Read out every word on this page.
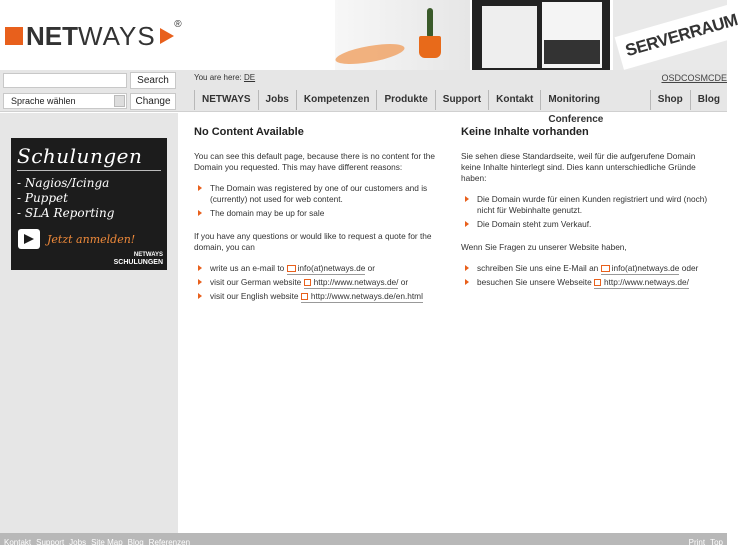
NET WAYS ®	SERVERRAUM
Search
Sprache wählen	Change
You are here: DE	OSDCOSMCDE
NETWAYS	Jobs	Kompetenzen	Produkte	Support	Kontakt	Monitoring Conference
Shop	Blog
Schulungen
- Nagios/Icinga
- Puppet
- SLA Reporting
Jetzt anmelden!
NETWAYS
SCHULUNGEN
No Content Available

You can see this default page, because there is no content for the Domain you requested. This may have different reasons:

The Domain was registered by one of our customers and is (currently) not used for web content.
The domain may be up for sale

If you have any questions or would like to request a quote for the domain, you can

write us an e-mail to info(at)netways.de or
visit our German website http://www.netways.de/ or
visit our English website http://www.netways.de/en.html
Keine Inhalte vorhanden

Sie sehen diese Standardseite, weil für die aufgerufene Domain keine Inhalte hinterlegt sind. Dies kann unterschiedliche Gründe haben:

Die Domain wurde für einen Kunden registriert und wird (noch) nicht für Webinhalte genutzt.
Die Domain steht zum Verkauf.

Wenn Sie Fragen zu unserer Website haben,

schreiben Sie uns eine E-Mail an info(at)netways.de oder
besuchen Sie unsere Webseite http://www.netways.de/
Kontakt Support Jobs Site Map Blog Referenzen	Print Top
